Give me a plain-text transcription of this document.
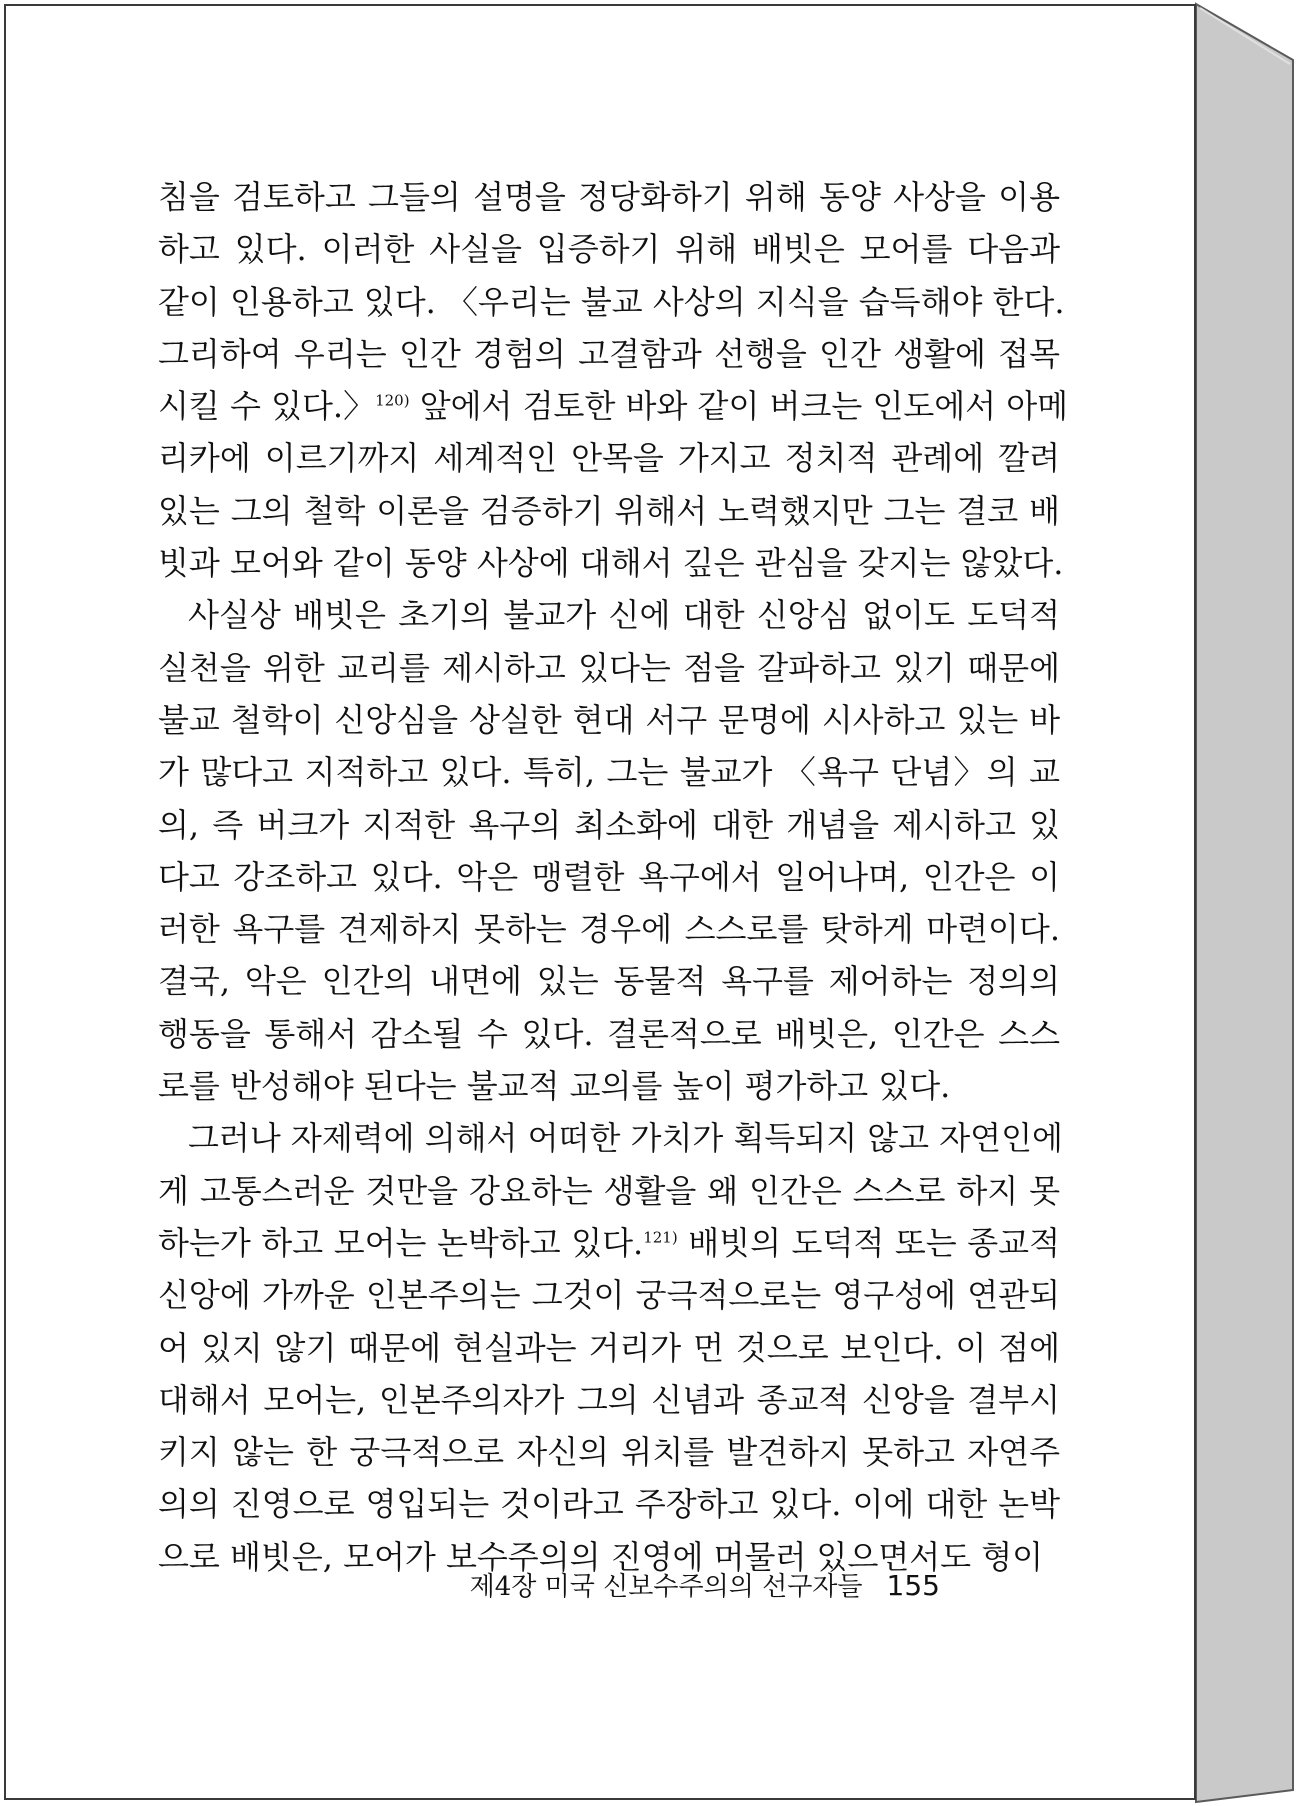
침을 검토하고 그들의 설명을 정당화하기 위해 동양 사상을 이용
하고 있다. 이러한 사실을 입증하기 위해 배빗은 모어를 다음과
같이 인용하고 있다. 〈우리는 불교 사상의 지식을 습득해야 한다.
그리하여 우리는 인간 경험의 고결함과 선행을 인간 생활에 접목
시킬 수 있다.〉$^{120)}$ 앞에서 검토한 바와 같이 버크는 인도에서 아메
리카에 이르기까지 세계적인 안목을 가지고 정치적 관례에 깔려
있는 그의 철학 이론을 검증하기 위해서 노력했지만 그는 결코 배
빗과 모어와 같이 동양 사상에 대해서 깊은 관심을 갖지는 않았다.
사실상 배빗은 초기의 불교가 신에 대한 신앙심 없이도 도덕적
실천을 위한 교리를 제시하고 있다는 점을 갈파하고 있기 때문에
불교 철학이 신앙심을 상실한 현대 서구 문명에 시사하고 있는 바
가 많다고 지적하고 있다. 특히, 그는 불교가 〈욕구 단념〉의 교
의, 즉 버크가 지적한 욕구의 최소화에 대한 개념을 제시하고 있
다고 강조하고 있다. 악은 맹렬한 욕구에서 일어나며, 인간은 이
러한 욕구를 견제하지 못하는 경우에 스스로를 탓하게 마련이다.
결국, 악은 인간의 내면에 있는 동물적 욕구를 제어하는 정의의
행동을 통해서 감소될 수 있다. 결론적으로 배빗은, 인간은 스스
로를 반성해야 된다는 불교적 교의를 높이 평가하고 있다.
그러나 자제력에 의해서 어떠한 가치가 획득되지 않고 자연인에
게 고통스러운 것만을 강요하는 생활을 왜 인간은 스스로 하지 못
하는가 하고 모어는 논박하고 있다.$^{121)}$ 배빗의 도덕적 또는 종교적
신앙에 가까운 인본주의는 그것이 궁극적으로는 영구성에 연관되
어 있지 않기 때문에 현실과는 거리가 먼 것으로 보인다. 이 점에
대해서 모어는, 인본주의자가 그의 신념과 종교적 신앙을 결부시
키지 않는 한 궁극적으로 자신의 위치를 발견하지 못하고 자연주
의의 진영으로 영입되는 것이라고 주장하고 있다. 이에 대한 논박
으로 배빗은, 모어가 보수주의의 진영에 머물러 있으면서도 형이
제4장 미국 신보수주의의 선구자들 155
